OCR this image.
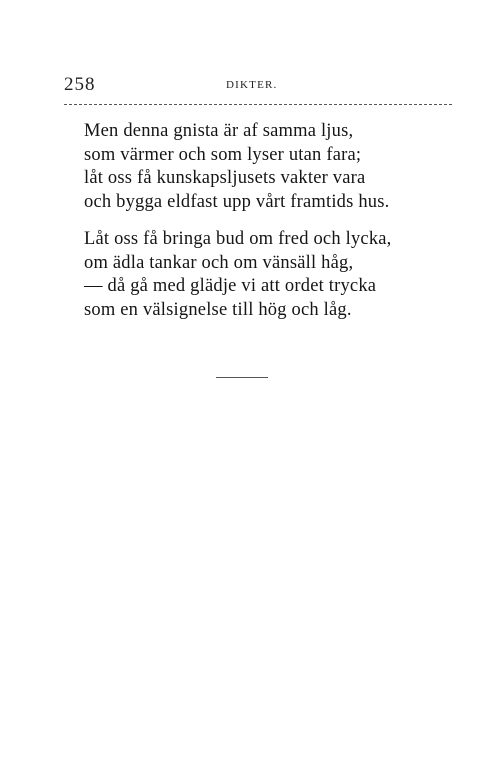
258	DIKTER.
Men denna gnista är af samma ljus,
som värmer och som lyser utan fara;
låt oss få kunskapsljusets vakter vara
och bygga eldfast upp vårt framtids hus.
Låt oss få bringa bud om fred och lycka,
om ädla tankar och om vänsäll håg,
— då gå med glädje vi att ordet trycka
som en välsignelse till hög och låg.
